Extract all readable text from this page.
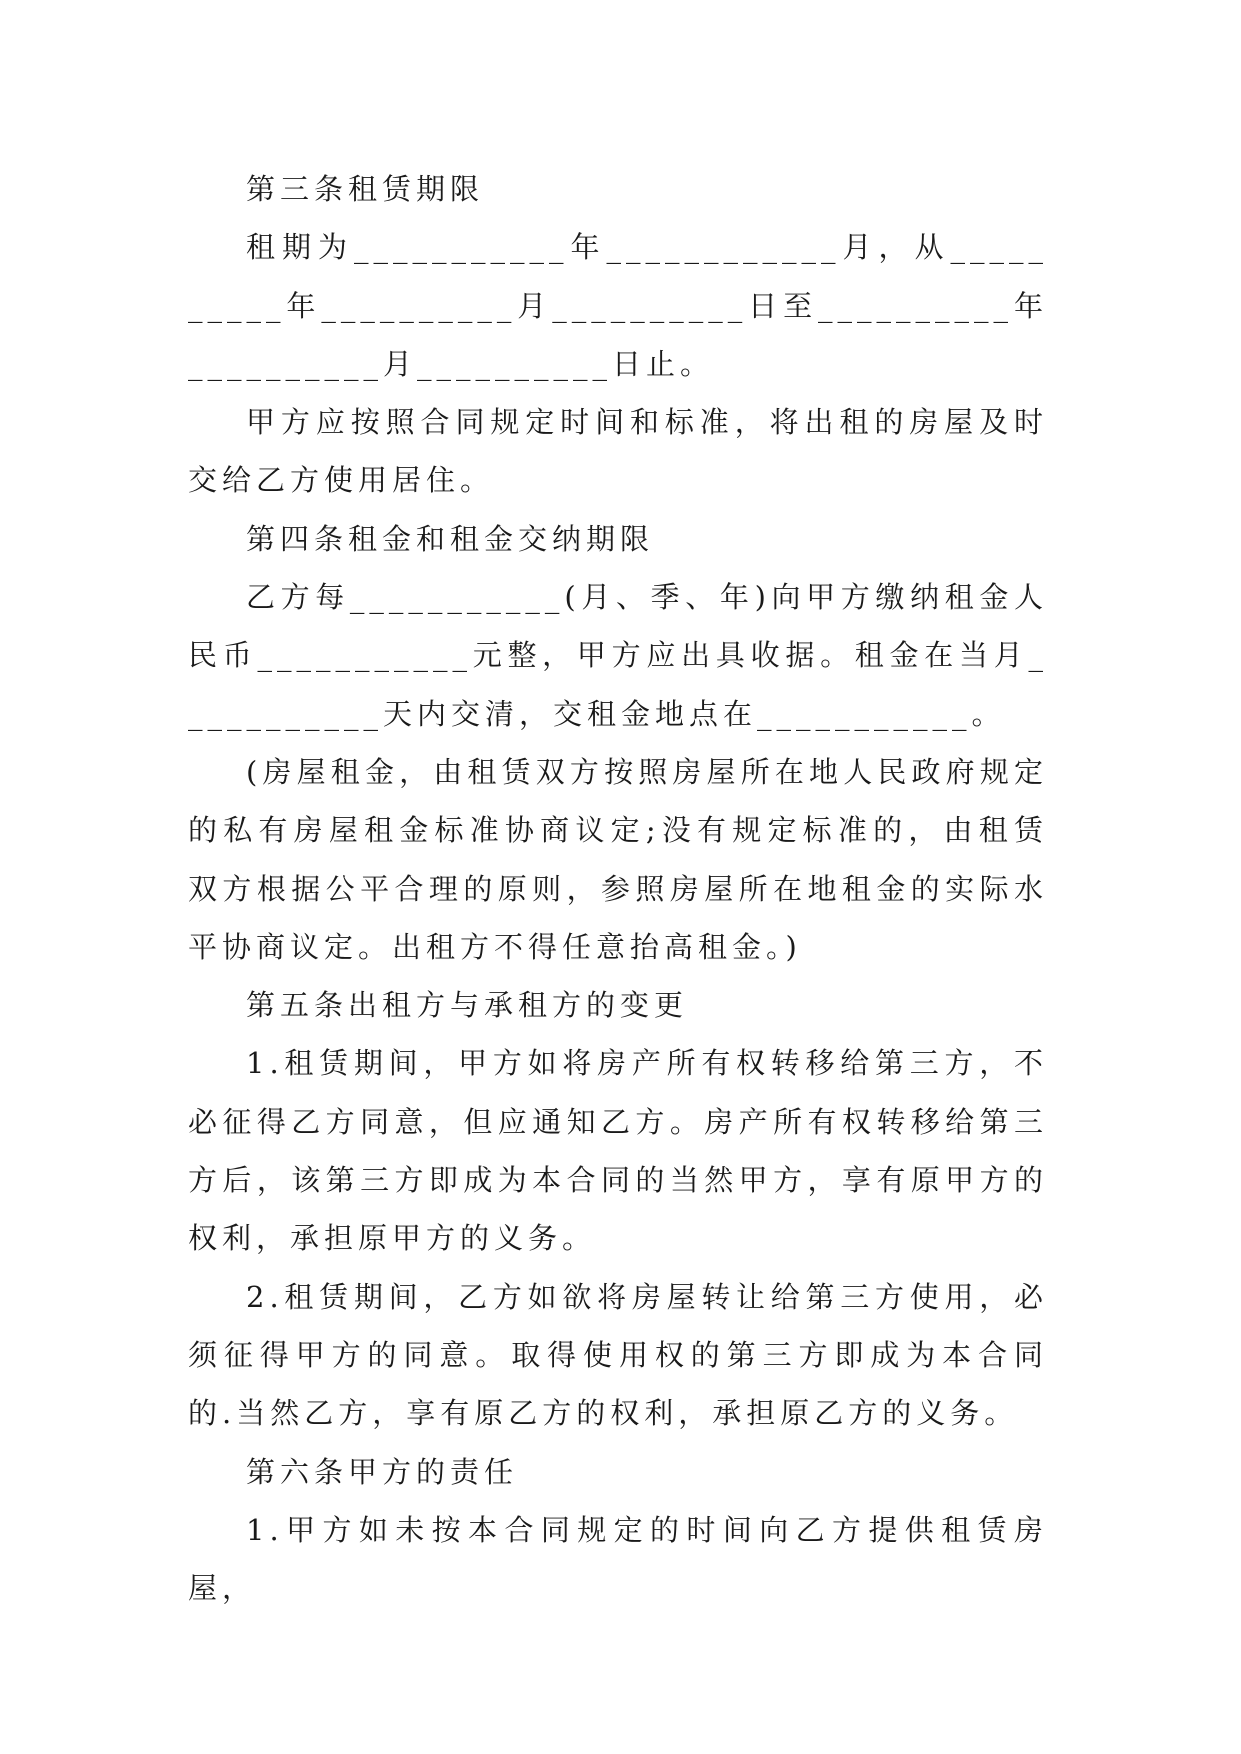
第三条租赁期限

租期为___________年____________月，从__________年__________月__________日至__________年__________月__________日止。

甲方应按照合同规定时间和标准，将出租的房屋及时交给乙方使用居住。

第四条租金和租金交纳期限

乙方每___________(月、季、年)向甲方缴纳租金人民币___________元整，甲方应出具收据。租金在当月___________天内交清，交租金地点在___________。

(房屋租金，由租赁双方按照房屋所在地人民政府规定的私有房屋租金标准协商议定;没有规定标准的，由租赁双方根据公平合理的原则，参照房屋所在地租金的实际水平协商议定。出租方不得任意抬高租金。)

第五条出租方与承租方的变更

1.租赁期间，甲方如将房产所有权转移给第三方，不必征得乙方同意，但应通知乙方。房产所有权转移给第三方后，该第三方即成为本合同的当然甲方，享有原甲方的权利，承担原甲方的义务。

2.租赁期间，乙方如欲将房屋转让给第三方使用，必须征得甲方的同意。取得使用权的第三方即成为本合同的.当然乙方，享有原乙方的权利，承担原乙方的义务。

第六条甲方的责任

1.甲方如未按本合同规定的时间向乙方提供租赁房屋，
